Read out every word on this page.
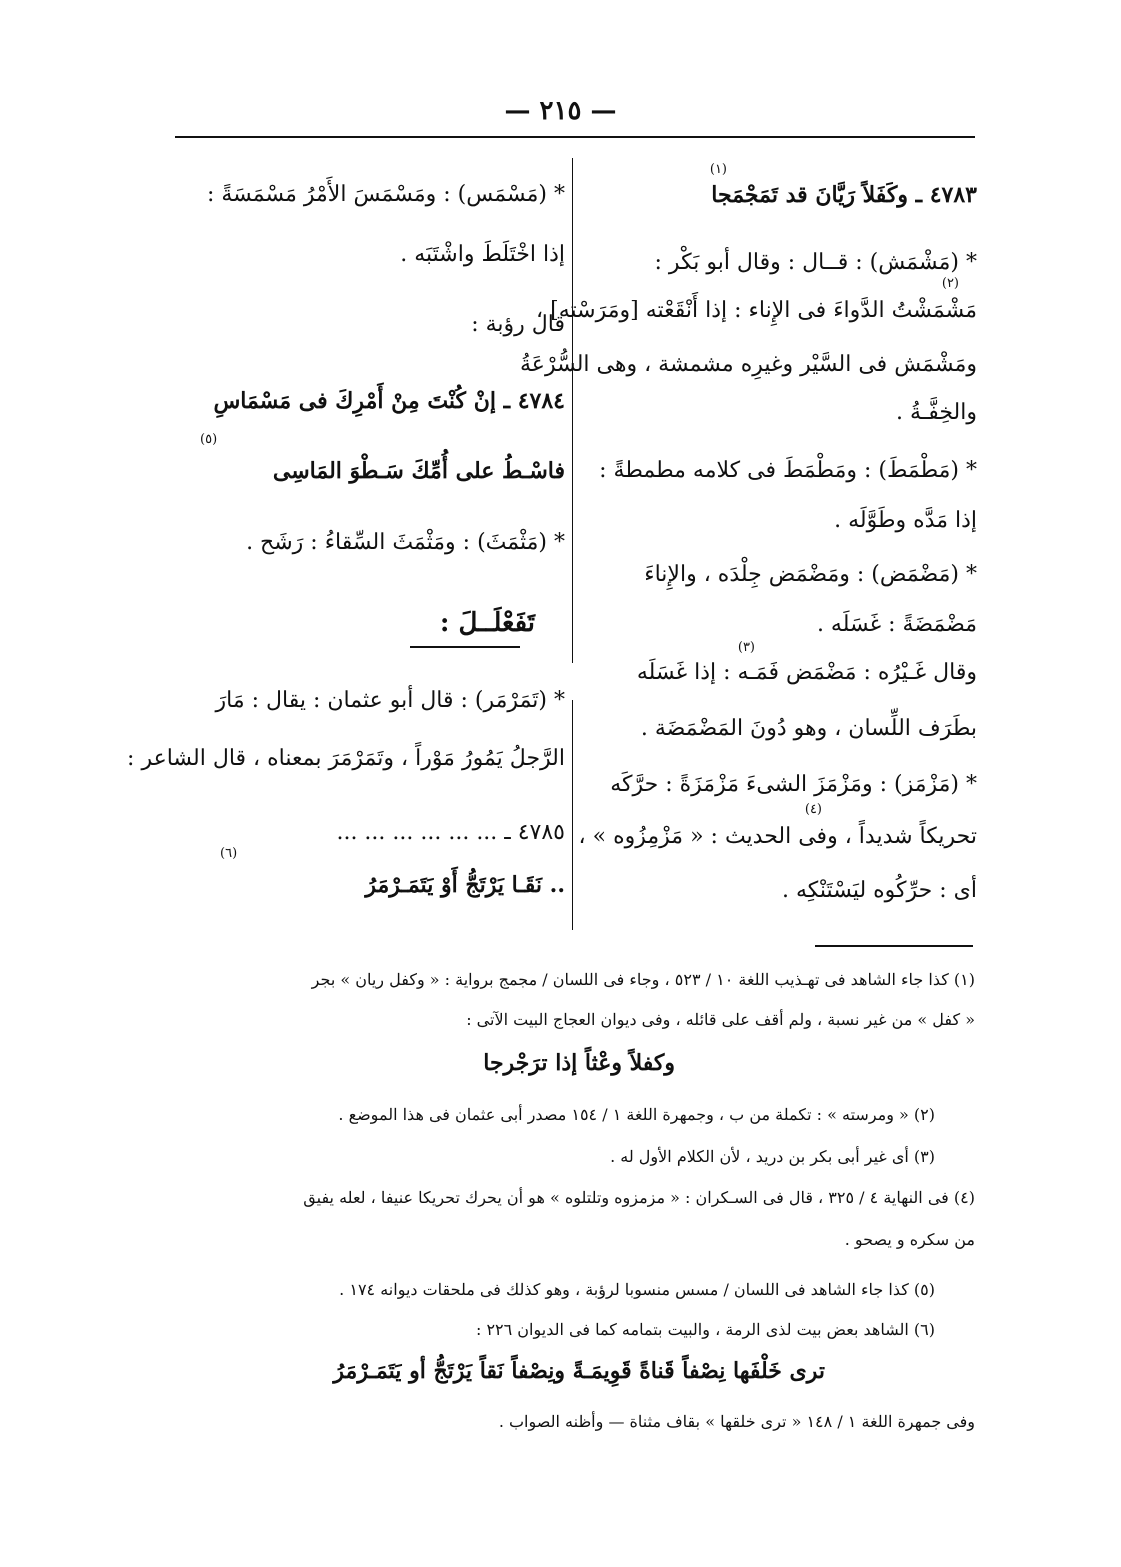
— ٢١٥ —
(١)
٤٧٨٣ ـ وكَفَلاً رَيَّانَ قد تَمَجْمَجا
* (مَشْمَش) : قــال : وقال أبو بَكْر :
(٢)
مَشْمَشْتُ الدَّواءَ فى الإِناء : إذا أَنْقَعْته [ومَرَسْته] ،
ومَشْمَش فى السَّيْر وغيرِه مشمشة ، وهى السُّرْعَةُ
والخِفَّـةُ .
* (مَطْمَطَ) : ومَطْمَطَ فى كلامه مطمطةً :
إذا مَدَّه وطَوَّلَه .
* (مَضْمَض) : ومَضْمَض جِلْدَه ، والإِناءَ
مَضْمَضَةً : غَسَلَه .
(٣)
وقال غَـيْرُه : مَضْمَض فَمَـه : إذا غَسَلَه
بطَرَف اللِّسان ، وهو دُونَ المَضْمَضَة .
* (مَزْمَز) : ومَزْمَزَ الشىءَ مَزْمَزَةً : حرَّكَه
(٤)
تحريكاً شديداً ، وفى الحديث : « مَزْمِزُوه » ،
أى : حرِّكُوه ليَسْتَنْكِه .
* (مَسْمَس) : ومَسْمَسَ الأَمْرُ مَسْمَسَةً :
إذا اخْتَلَطَ واشْتَبَه .
قال رؤبة :
٤٧٨٤ ـ إنْ كُنْتَ مِنْ أَمْرِكَ فى مَسْمَاسِ
(٥)
فاسْـطُ على أُمِّكَ سَـطْوَ المَاسِى
* (مَثْمَثَ) : ومَثْمَثَ السِّقاءُ : رَشَح .
تَفَعْلَــلَ :
* (تَمَرْمَر) : قال أبو عثمان : يقال : مَارَ
الرَّجلُ يَمُورُ مَوْراً ، وتَمَرْمَرَ بمعناه ، قال الشاعر :
٤٧٨٥ ـ ... ... ... ... ... ...
(٦)
.. نَقَـا يَرْتَجُّ أَوْ يَتَمَـرْمَرُ
(١) كذا جاء الشاهد فى تهـذيب اللغة ١٠ / ٥٢٣ ، وجاء فى اللسان / مجمج برواية : « وكفل ريان » بجر
« كفل » من غير نسبة ، ولم أقف على قائله ، وفى ديوان العجاج البيت الآتى :
وكفلاً وعْثاً إذا ترَجْرجا
(٢) « ومرسته » : تكملة من ب ، وجمهرة اللغة ١ / ١٥٤ مصدر أبى عثمان فى هذا الموضع .
(٣) أى غير أبى بكر بن دريد ، لأن الكلام الأول له .
(٤) فى النهاية ٤ / ٣٢٥ ، قال فى السـكران : « مزمزوه وتلتلوه » هو أن يحرك تحريكا عنيفا ، لعله يفيق
من سكره و يصحو .
(٥) كذا جاء الشاهد فى اللسان / مسس منسوبا لرؤبة ، وهو كذلك فى ملحقات ديوانه ١٧٤ .
(٦) الشاهد بعض بيت لذى الرمة ، والبيت بتمامه كما فى الديوان ٢٢٦ :
ترى خَلْفَها نِصْفاً قَناةً قَوِيمَـةً ونِصْفاً نَقاً يَرْتَجُّ أو يَتَمَـرْمَرُ
وفى جمهرة اللغة ١ / ١٤٨ « ترى خلقها » بقاف مثناة — وأظنه الصواب .
